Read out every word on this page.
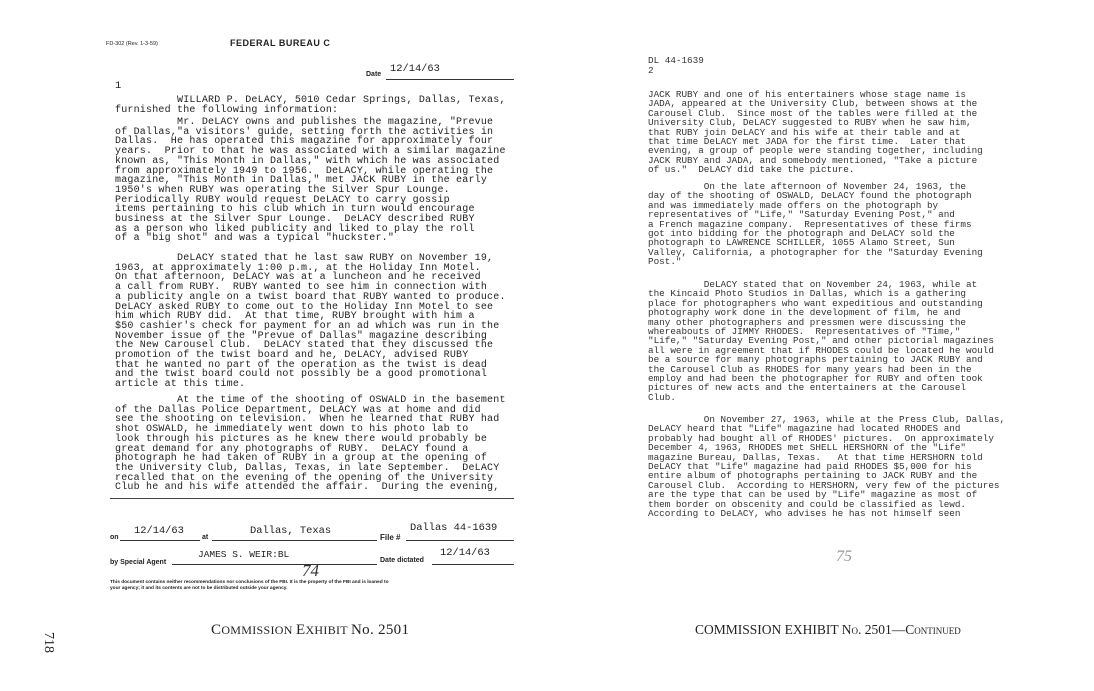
FD-302 (Rev. 1-3-59)	FEDERAL BUREAU C
Date 12/14/63
1
WILLARD P. DeLACY, 5010 Cedar Springs, Dallas, Texas,
furnished the following information:
Mr. DeLACY owns and publishes the magazine, "Prevue
of Dallas,"a visitors' guide, setting forth the activities in
Dallas.  He has operated this magazine for approximately four
years.  Prior to that he was associated with a similar magazine
known as, "This Month in Dallas," with which he was associated
from approximately 1949 to 1956.  DeLACY, while operating the
magazine, "This Month in Dallas," met JACK RUBY in the early
1950's when RUBY was operating the Silver Spur Lounge.
Periodically RUBY would request DeLACY to carry gossip
items pertaining to his club which in turn would encourage
business at the Silver Spur Lounge.  DeLACY described RUBY
as a person who liked publicity and liked to play the roll
of a "big shot" and was a typical "huckster."
DeLACY stated that he last saw RUBY on November 19,
1963, at approximately 1:00 p.m., at the Holiday Inn Motel.
On that afternoon, DeLACY was at a luncheon and he received
a call from RUBY.  RUBY wanted to see him in connection with
a publicity angle on a twist board that RUBY wanted to produce.
DeLACY asked RUBY to come out to the Holiday Inn Motel to see
him which RUBY did.  At that time, RUBY brought with him a
$50 cashier's check for payment for an ad which was run in the
November issue of the "Prevue of Dallas" magazine describing
the New Carousel Club.  DeLACY stated that they discussed the
promotion of the twist board and he, DeLACY, advised RUBY
that he wanted no part of the operation as the twist is dead
and the twist board could not possibly be a good promotional
article at this time.
At the time of the shooting of OSWALD in the basement
of the Dallas Police Department, DeLACY was at home and did
see the shooting on television.  When he learned that RUBY had
shot OSWALD, he immediately went down to his photo lab to
look through his pictures as he knew there would probably be
great demand for any photographs of RUBY.  DeLACY found a
photograph he had taken of RUBY in a group at the opening of
the University Club, Dallas, Texas, in late September.  DeLACY
recalled that on the evening of the opening of the University
Club he and his wife attended the affair.  During the evening,
on
12/14/63
at
Dallas, Texas
File #
Dallas 44-1639
by Special Agent
JAMES S. WEIR:BL
Date dictated
12/14/63
74
This document contains neither recommendations nor conclusions of the FBI. It is the property of the FBI and is loaned to
your agency; it and its contents are not to be distributed outside your agency.
COMMISSION EXHIBIT No. 2501
718
DL 44-1639
2
JACK RUBY and one of his entertainers whose stage name is
JADA, appeared at the University Club, between shows at the
Carousel Club.  Since most of the tables were filled at the
University Club, DeLACY suggested to RUBY when he saw him,
that RUBY join DeLACY and his wife at their table and at
that time DeLACY met JADA for the first time.  Later that
evening, a group of people were standing together, including
JACK RUBY and JADA, and somebody mentioned, "Take a picture
of us."  DeLACY did take the picture.
On the late afternoon of November 24, 1963, the
day of the shooting of OSWALD, DeLACY found the photograph
and was immediately made offers on the photograph by
representatives of "Life," "Saturday Evening Post," and
a French magazine company.  Representatives of these firms
got into bidding for the photograph and DeLACY sold the
photograph to LAWRENCE SCHILLER, 1055 Alamo Street, Sun
Valley, California, a photographer for the "Saturday Evening
Post."
DeLACY stated that on November 24, 1963, while at
the Kincaid Photo Studios in Dallas, which is a gathering
place for photographers who want expeditious and outstanding
photography work done in the development of film, he and
many other photographers and pressmen were discussing the
whereabouts of JIMMY RHODES.  Representatives of "Time,"
"Life," "Saturday Evening Post," and other pictorial magazines
all were in agreement that if RHODES could be located he would
be a source for many photographs pertaining to JACK RUBY and
the Carousel Club as RHODES for many years had been in the
employ and had been the photographer for RUBY and often took
pictures of new acts and the entertainers at the Carousel
Club.
On November 27, 1963, while at the Press Club, Dallas,
DeLACY heard that "Life" magazine had located RHODES and
probably had bought all of RHODES' pictures.  On approximately
December 4, 1963, RHODES met SHELL HERSHORN of the "Life"
magazine Bureau, Dallas, Texas.   At that time HERSHORN told
DeLACY that "Life" magazine had paid RHODES $5,000 for his
entire album of photographs pertaining to JACK RUBY and the
Carousel Club.  According to HERSHORN, very few of the pictures
are the type that can be used by "Life" magazine as most of
them border on obscenity and could be classified as lewd.
According to DeLACY, who advises he has not himself seen
75
COMMISSION EXHIBIT No. 2501—Continued
